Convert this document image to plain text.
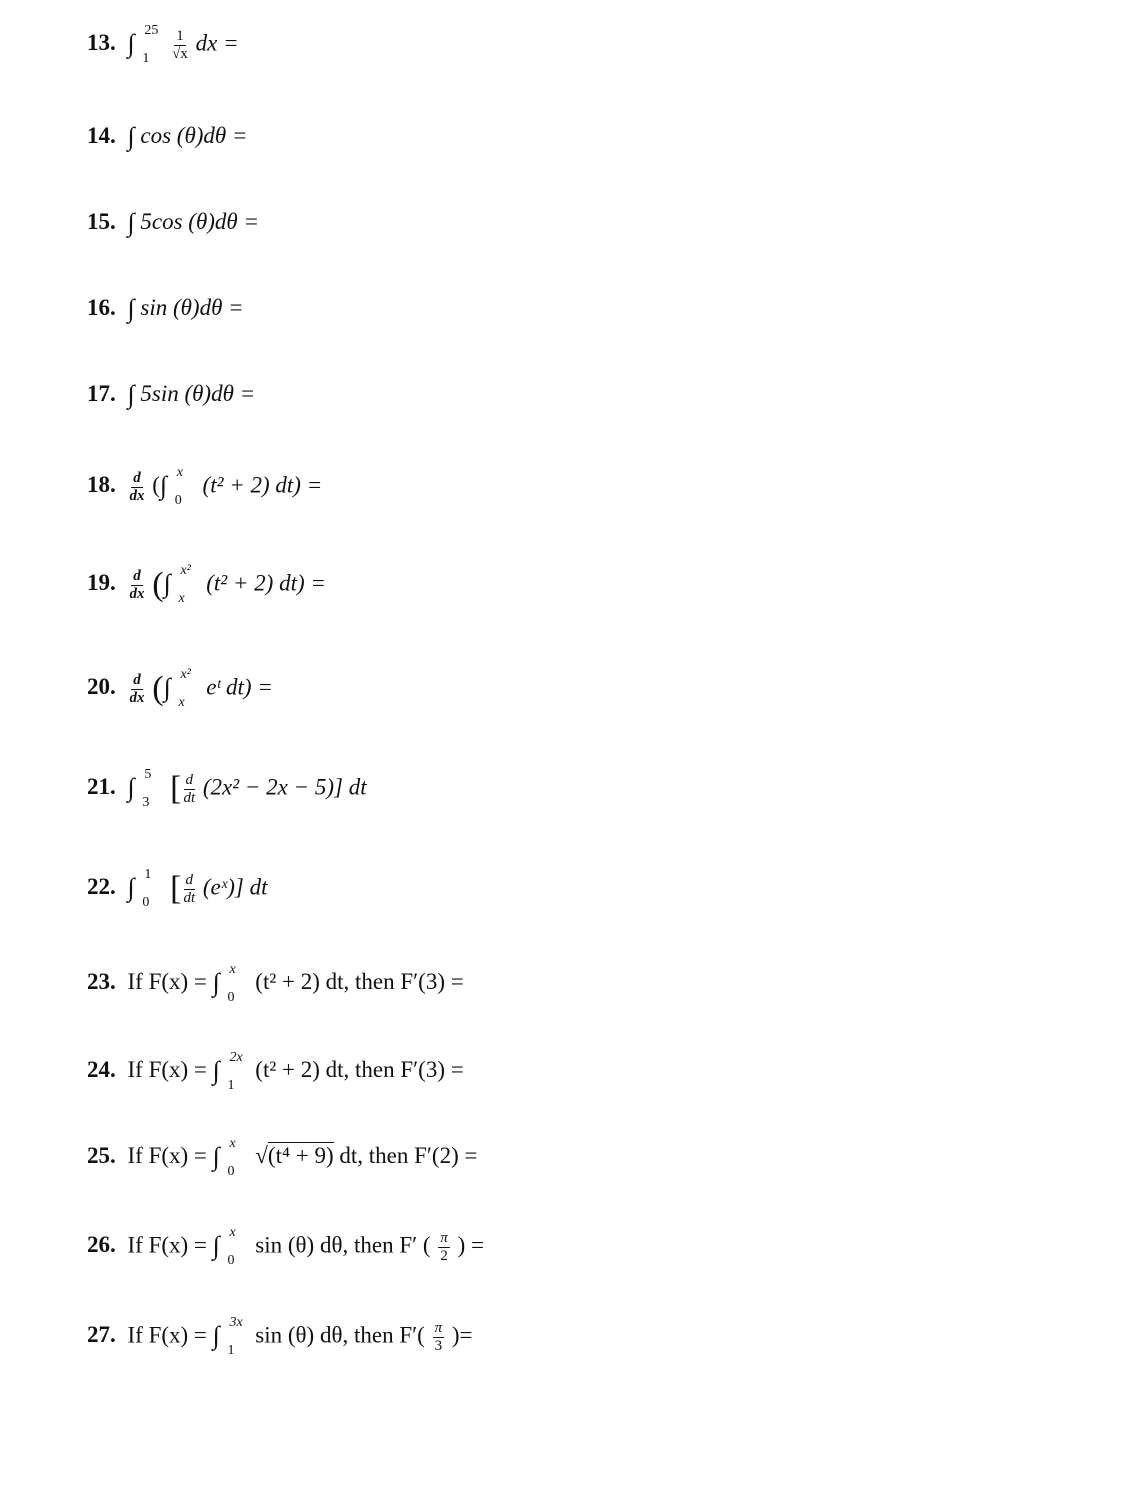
13. ∫ 25
1
$\frac{1}{√x}$ dx =
14. ∫ cos (θ)dθ =
15. ∫ 5cos (θ)dθ =
16. ∫ sin (θ)dθ =
17. ∫ 5sin (θ)dθ =
18. $\frac{d}{dx}$ (∫ x
0
(t² + 2) dt) =
19. $\frac{d}{dx}$ (∫ x²
x
(t² + 2) dt) =
20. $\frac{d}{dx}$ (∫ x²
x
eᵗ dt) =
21. ∫ 5
3 [ $\frac{d}{dt} (2x^2 - 2x - 5)$] dt
22. ∫ 1
0 [ $\frac{d}{dt}$ (eˣ)] dt
23. If F(x) = ∫ x
0
(t² + 2) dt, then F′(3) =
24. If F(x) = ∫ 2x
1
(t² + 2) dt, then F′(3) =
25. If F(x) = ∫ x
0
√(t⁴ + 9) dt, then F′(2) =
26. If F(x) = ∫ x
0
sin (θ) dθ, then F′ ( $\frac{\pi}{2}$ ) =
27. If F(x) = ∫ 3x
1
sin (θ) dθ, then $F'( \frac{\pi}{3}$ )=
